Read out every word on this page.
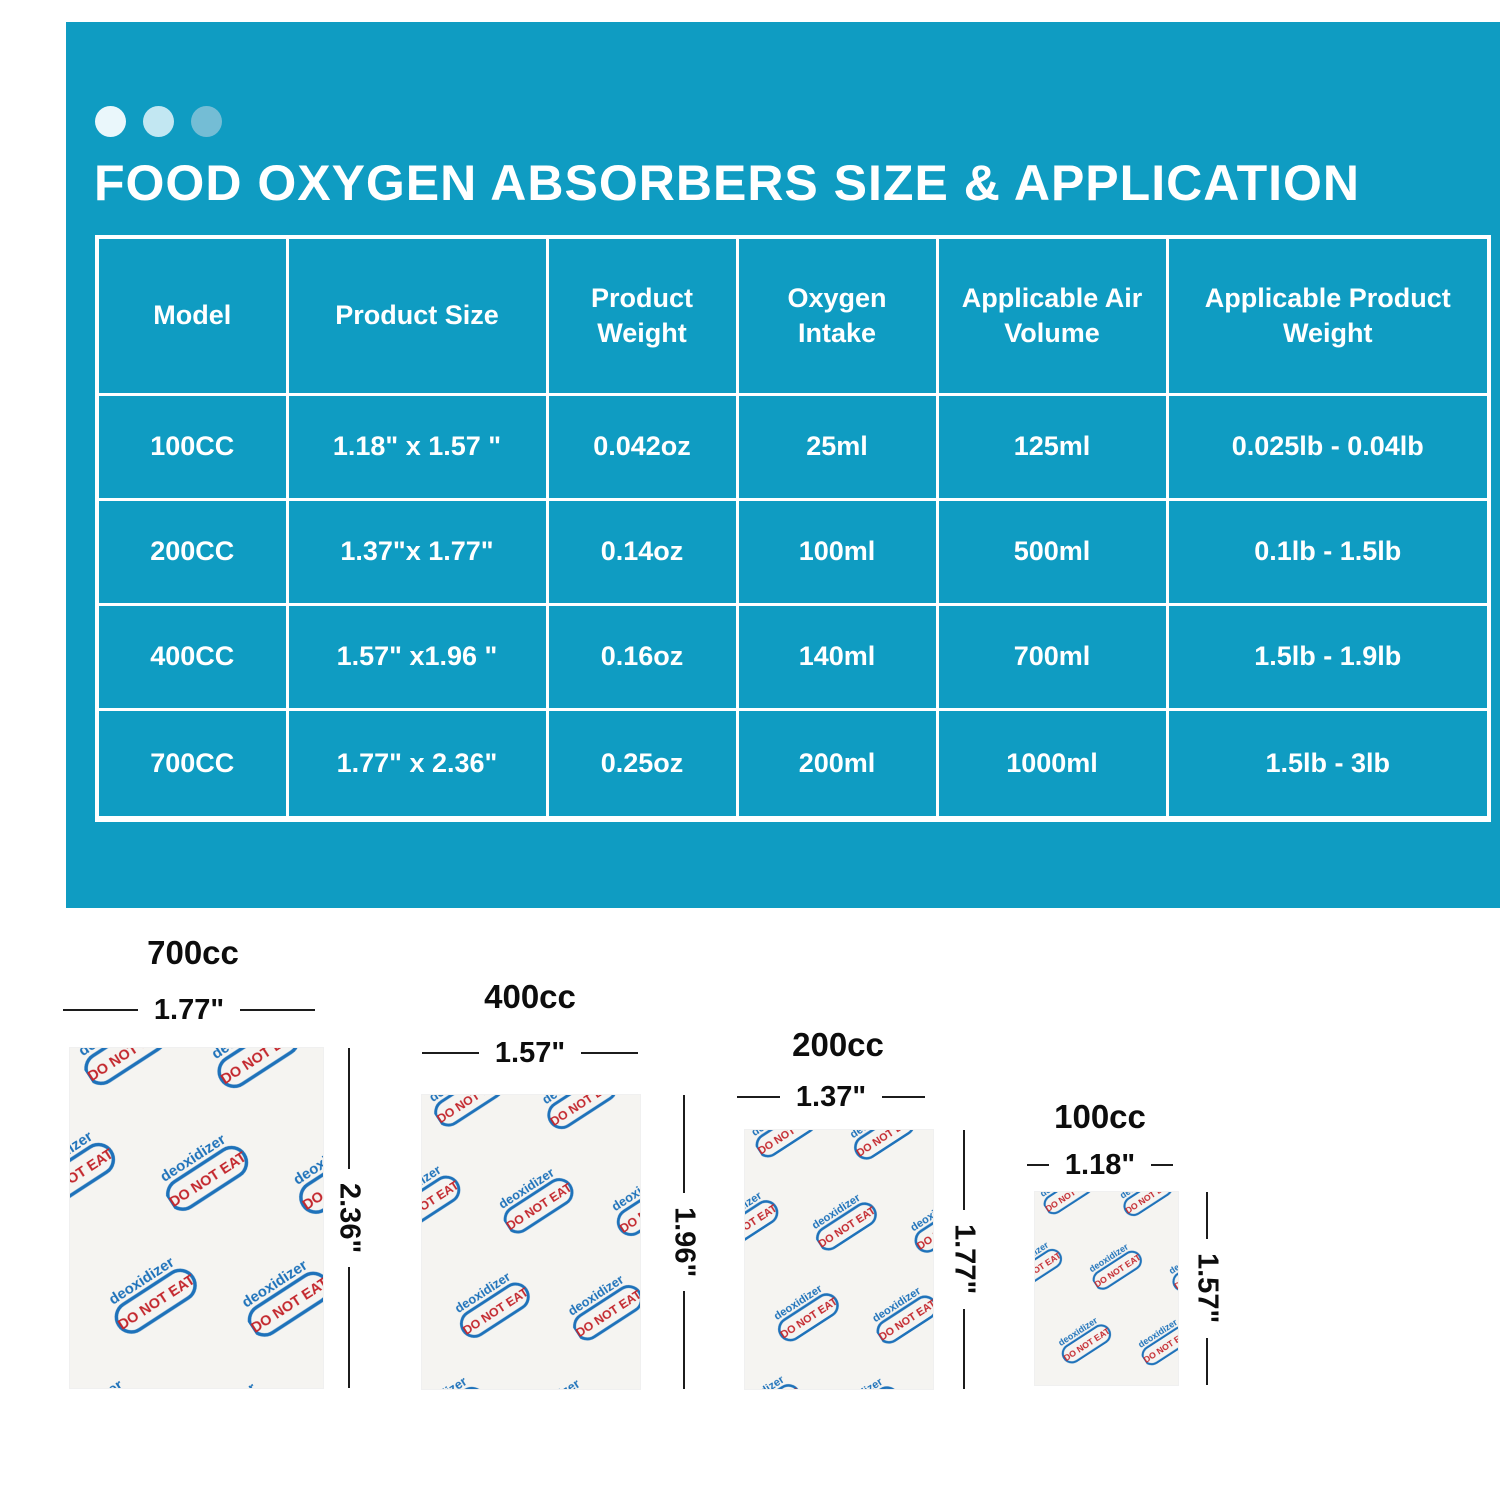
FOOD OXYGEN ABSORBERS SIZE & APPLICATION
Model	Product Size	Product Weight	Oxygen Intake	Applicable Air Volume	Applicable Product Weight
100CC	1.18" x 1.57 "	0.042oz	25ml	125ml	0.025lb - 0.04lb
200CC	1.37"x 1.77"	0.14oz	100ml	500ml	0.1lb - 1.5lb
400CC	1.57" x1.96 "	0.16oz	140ml	700ml	1.5lb - 1.9lb
700CC	1.77" x 2.36"	0.25oz	200ml	1000ml	1.5lb - 3lb
700cc
1.77"
2.36"
400cc
1.57"
1.96"
200cc
1.37"
1.77"
100cc
1.18"
1.57"
